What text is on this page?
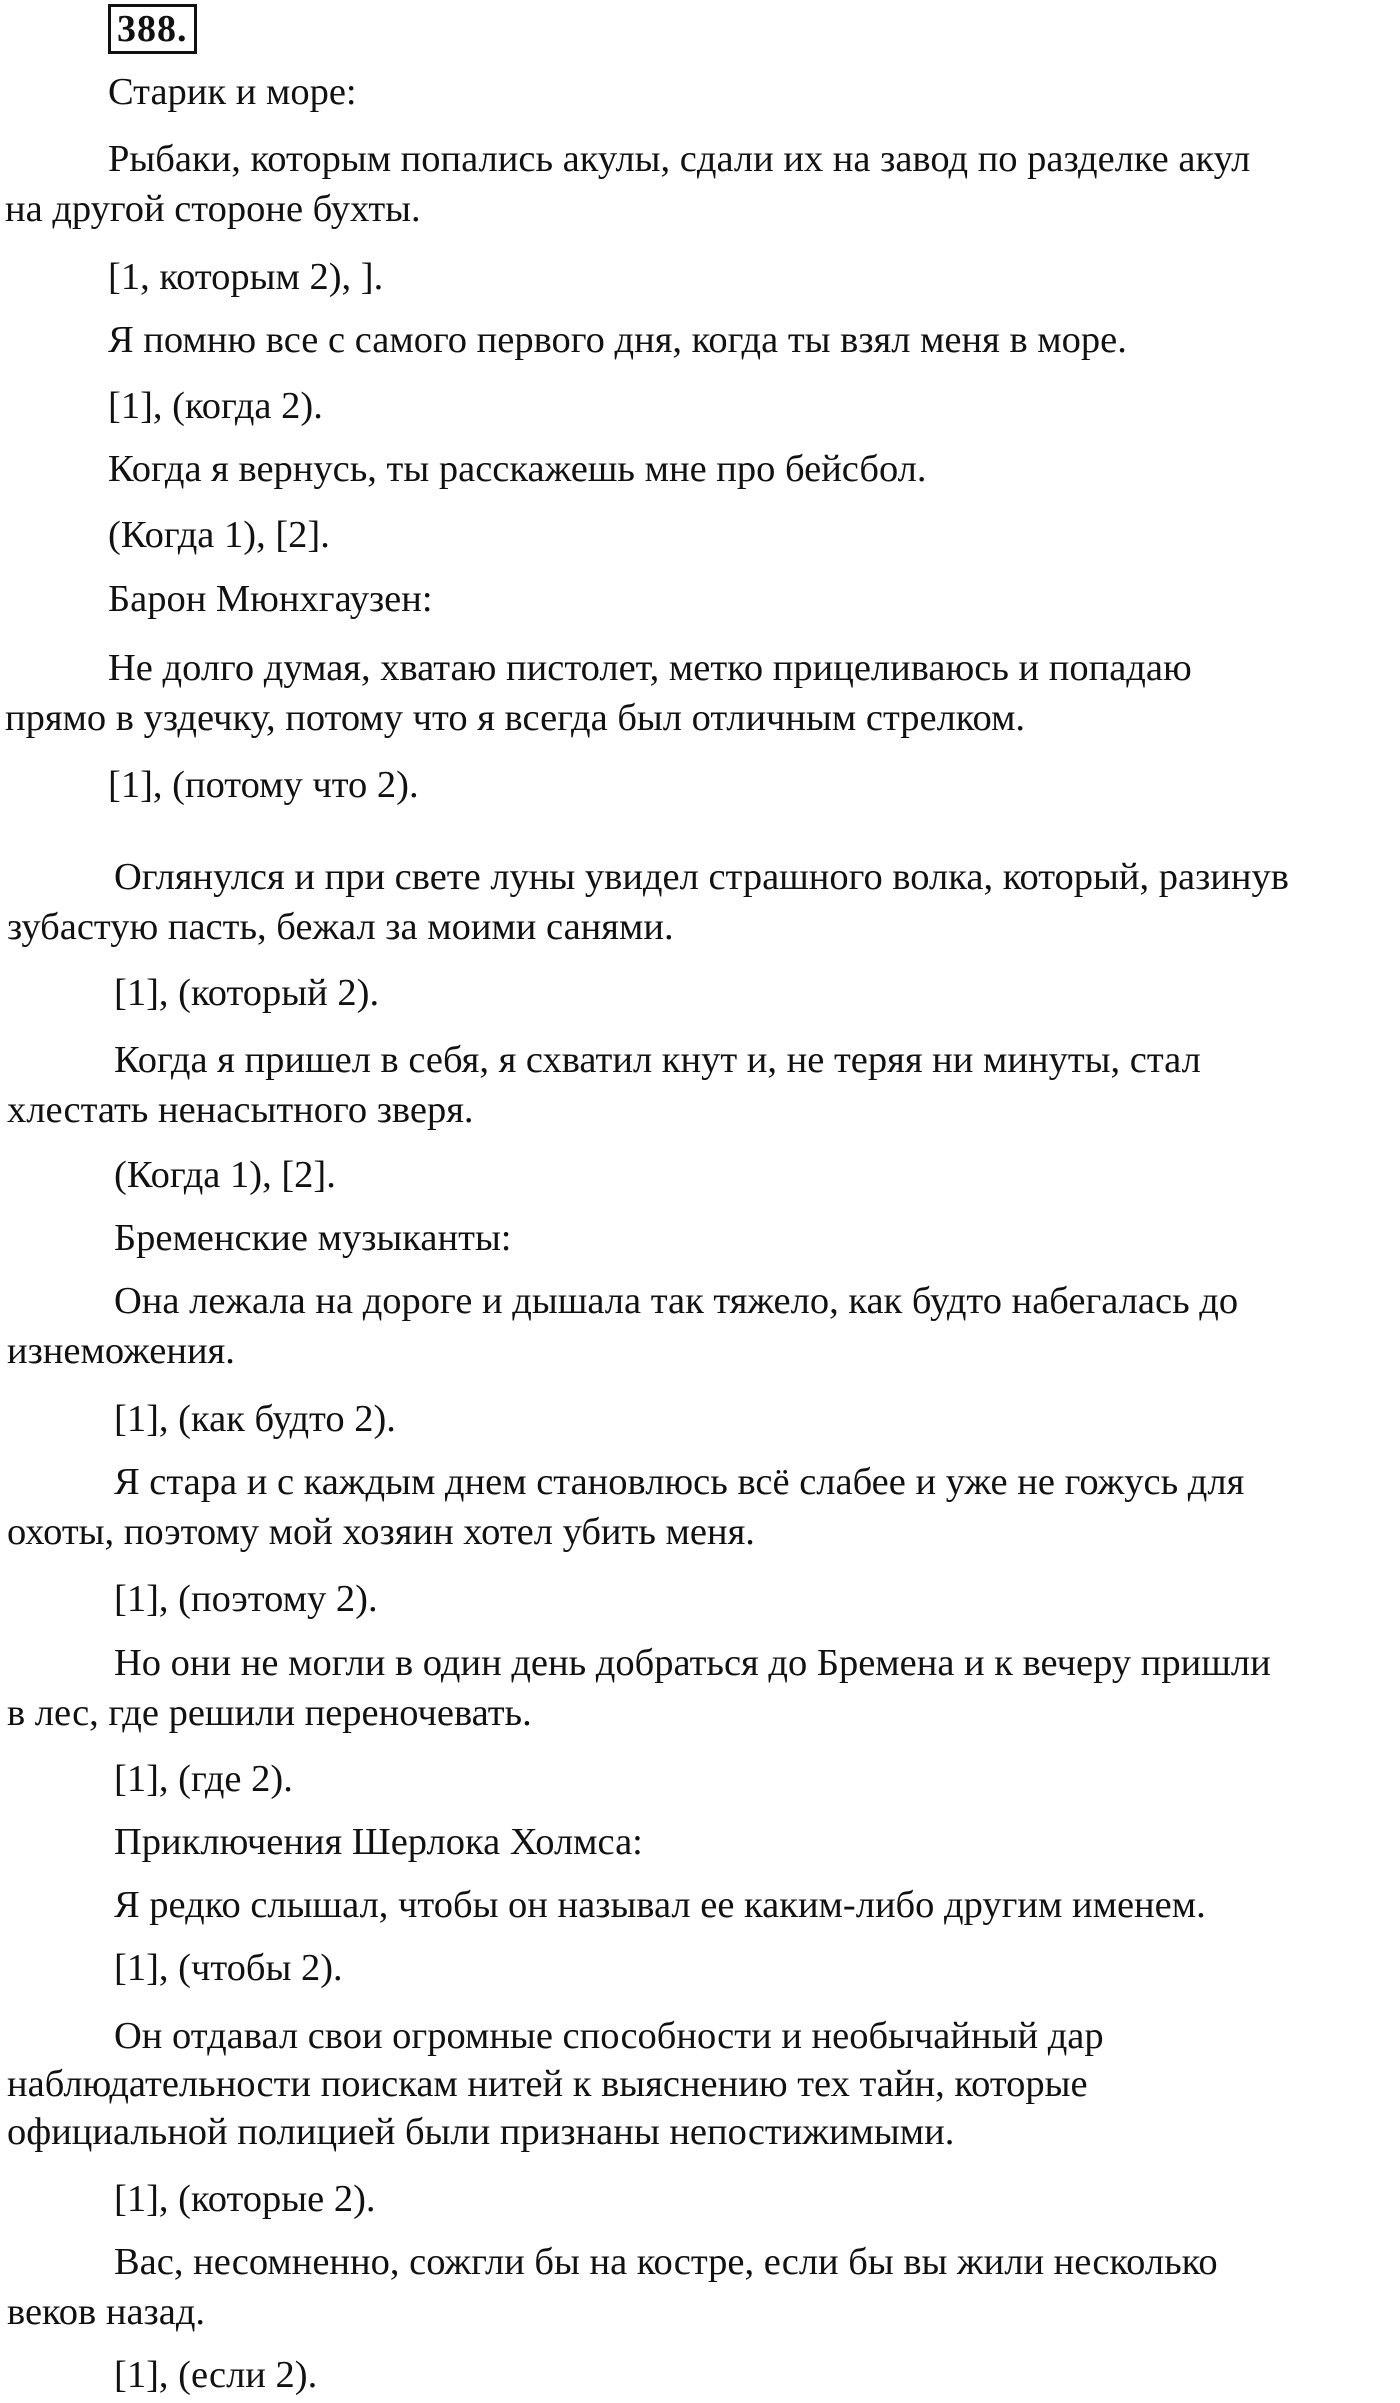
388.

Старик и море:

Рыбаки, которым попались акулы, сдали их на завод по разделке акул

на другой стороне бухты.

[1, которым 2), ].

Я помню все с самого первого дня, когда ты взял меня в море.

[1], (когда 2).

Когда я вернусь, ты расскажешь мне про бейсбол.

(Когда 1), [2].

Барон Мюнхгаузен:

Не долго думая, хватаю пистолет, метко прицеливаюсь и попадаю

прямо в уздечку, потому что я всегда был отличным стрелком.

[1], (потому что 2).

Оглянулся и при свете луны увидел страшного волка, который, разинув

зубастую пасть, бежал за моими санями.

[1], (который 2).

Когда я пришел в себя, я схватил кнут и, не теряя ни минуты, стал

хлестать ненасытного зверя.

(Когда 1), [2].

Бременские музыканты:

Она лежала на дороге и дышала так тяжело, как будто набегалась до

изнеможения.

[1], (как будто 2).

Я стара и с каждым днем становлюсь всё слабее и уже не гожусь для

охоты, поэтому мой хозяин хотел убить меня.

[1], (поэтому 2).

Но они не могли в один день добраться до Бремена и к вечеру пришли

в лес, где решили переночевать.

[1], (где 2).

Приключения Шерлока Холмса:

Я редко слышал, чтобы он называл ее каким-либо другим именем.

[1], (чтобы 2).

Он отдавал свои огромные способности и необычайный дар

наблюдательности поискам нитей к выяснению тех тайн, которые

официальной полицией были признаны непостижимыми.

[1], (которые 2).

Вас, несомненно, сожгли бы на костре, если бы вы жили несколько

веков назад.

[1], (если 2).
